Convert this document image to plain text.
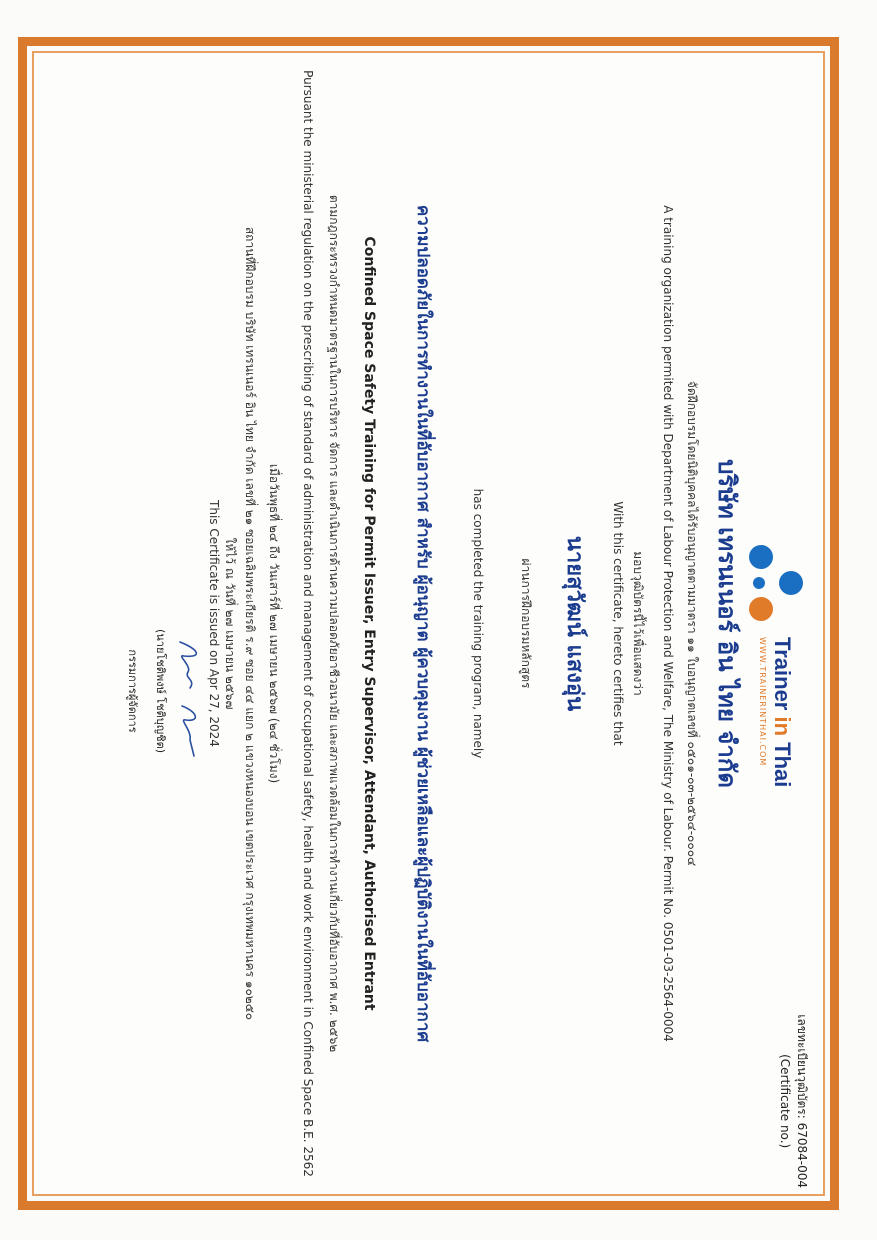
เลขทะเบียนวุฒิบัตร: 67084-004
(Certificate no.)
Trainer in Thai
WWW.TRAINERINTHAI.COM
บริษัท เทรนเนอร์ อิน ไทย จำกัด
จัดฝึกอบรมโดยนิติบุคคลได้รับอนุญาตตามมาตรา ๑๑ ใบอนุญาตเลขที่ ๐๕๐๑-๐๓-๒๕๖๔-๐๐๐๔
A training organization permited with Department of Labour Protection and Welfare, The Ministry of Labour. Permit No. 0501-03-2564-0004
มอบวุฒิบัตรนี้ไว้เพื่อแสดงว่า
With this certificate, hereto certifies that
นายสุวัฒน์ แสงอุ่น
ผ่านการฝึกอบรมหลักสูตร
has completed the training program, namely
ความปลอดภัยในการทำงานในที่อับอากาศ สำหรับ ผู้อนุญาต ผู้ควบคุมงาน ผู้ช่วยเหลือและผู้ปฏิบัติงานในที่อับอากาศ
Confined Space Safety Training for Permit Issuer, Entry Supervisor, Attendant, Authorised Entrant
ตามกฎกระทรวงกำหนดมาตรฐานในการบริหาร จัดการ และดำเนินการด้านความปลอดภัยอาชีวอนามัย และสภาพแวดล้อมในการทำงานเกี่ยวกับที่อับอากาศ พ.ศ. ๒๕๖๒
Pursuant the ministerial regulation on the prescribing of standard of administration and management of occupational safety, health and work environment in Confined Space B.E. 2562
เมื่อวันพุธที่ ๒๔ ถึง วันเสาร์ที่ ๒๗ เมษายน ๒๕๖๗ (๒๔ ชั่วโมง)
สถานที่ฝึกอบรม บริษัท เทรนเนอร์ อิน ไทย จำกัด เลขที่ ๒๑ ซอยเฉลิมพระเกียรติ ร.๙ ซอย ๔๔ แยก ๒ แขวงหนองบอน เขตประเวศ กรุงเทพมหานคร ๑๐๒๕๐
ให้ไว้ ณ วันที่ ๒๗ เมษายน ๒๕๖๗
This Certificate is issued on Apr 27, 2024
(นายโชติพงษ์ โชติบุญชิต)
กรรมการผู้จัดการ
